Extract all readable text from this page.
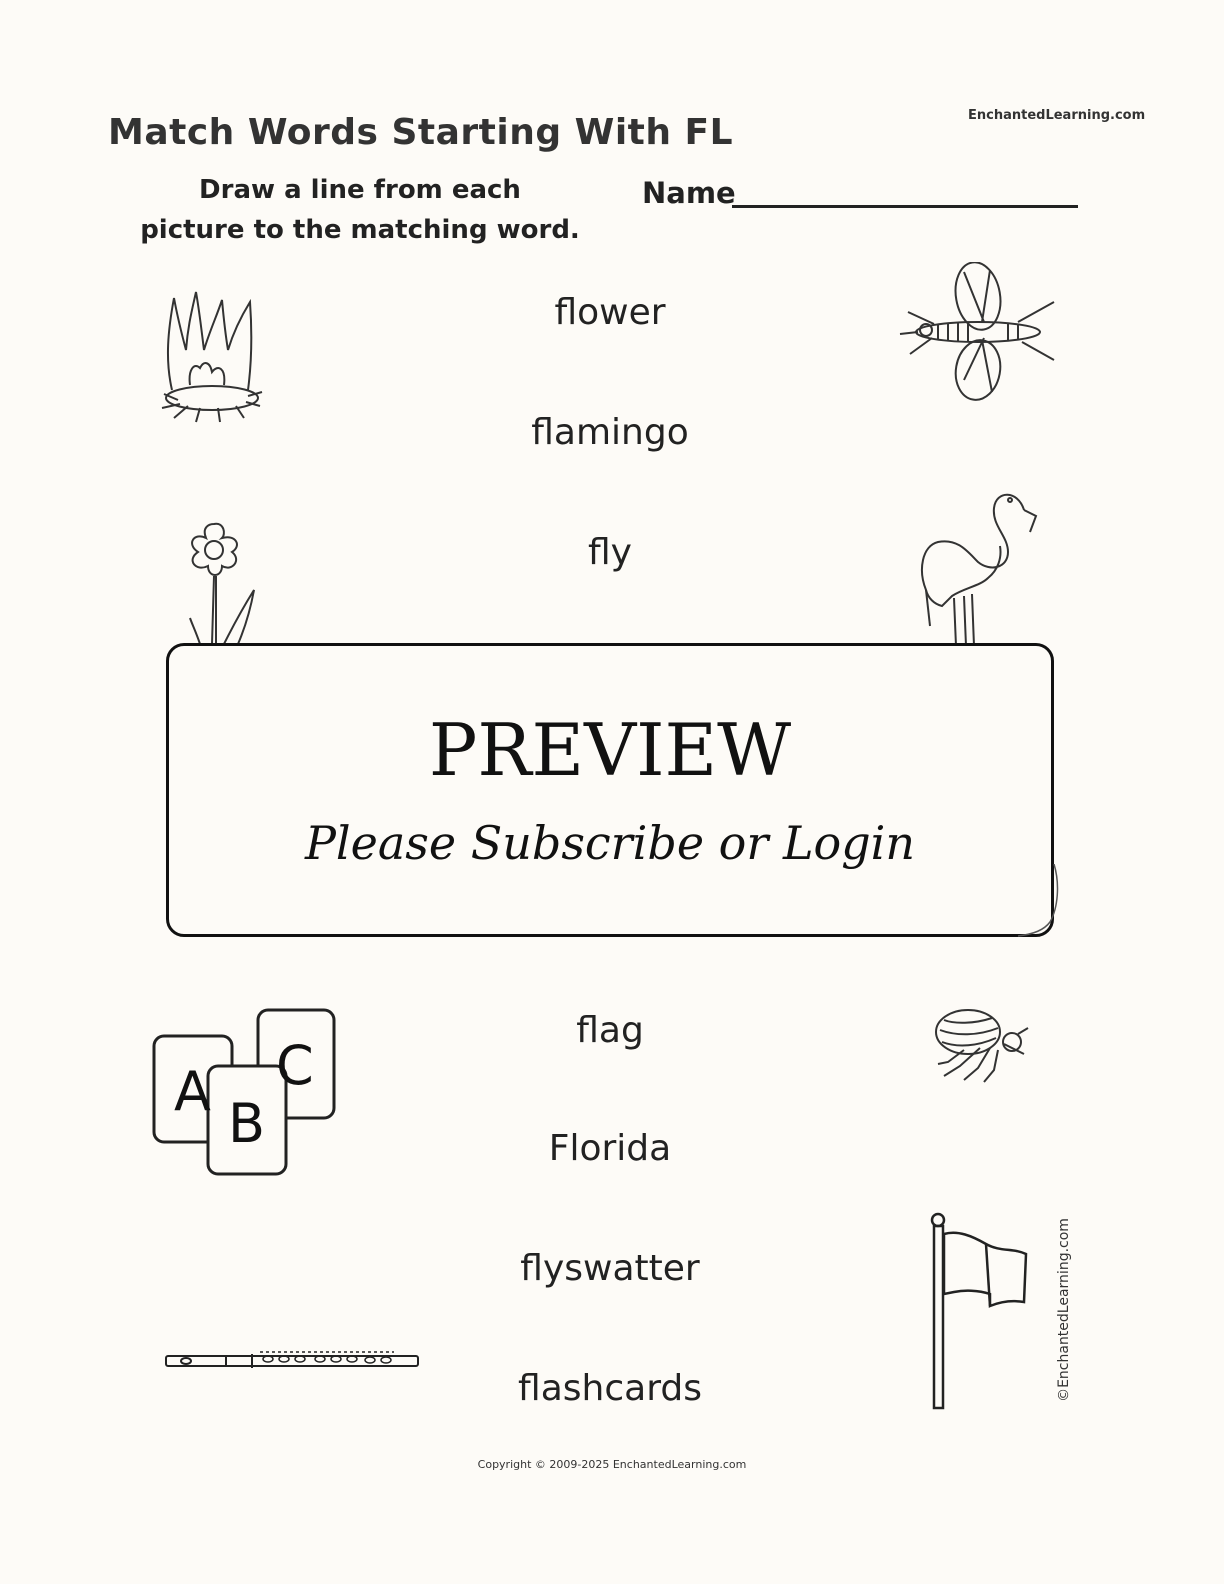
Match Words Starting With FL	EnchantedLearning.com
Draw a line from each
picture to the matching word.
Name
flower
flamingo
fly
flag
Florida
flyswatter
flashcards
A C
B
PREVIEW
Please Subscribe or Login
Copyright © 2009-2025 EnchantedLearning.com
©EnchantedLearning.com
